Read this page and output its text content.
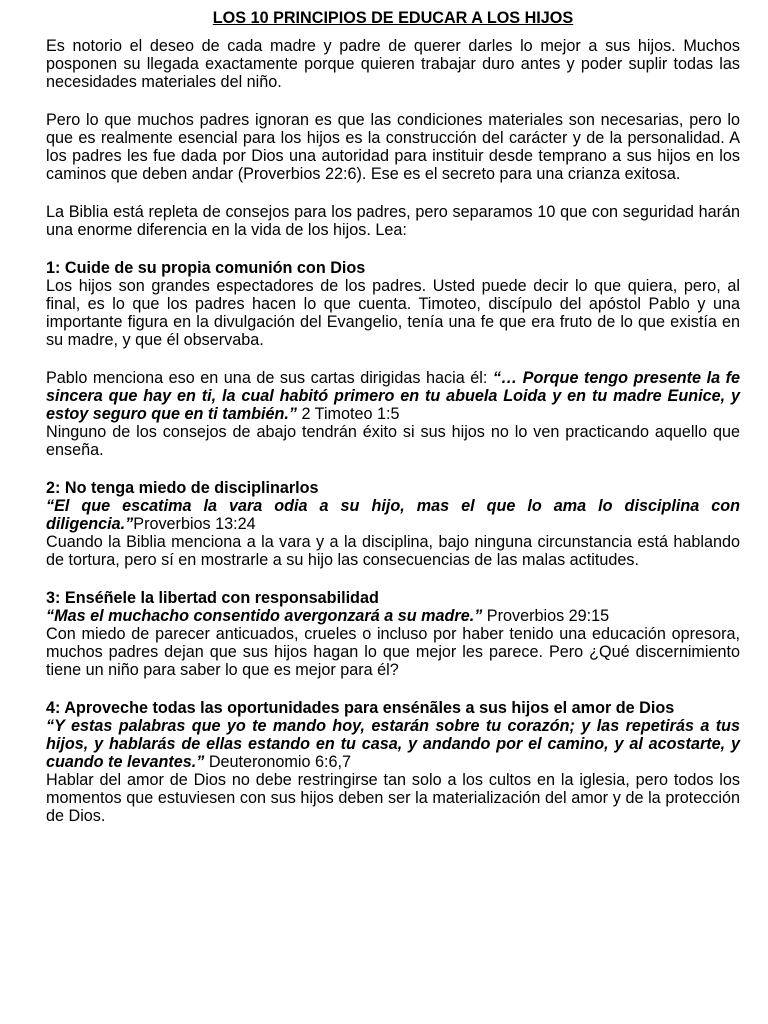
LOS 10 PRINCIPIOS DE EDUCAR A LOS HIJOS

Es notorio el deseo de cada madre y padre de querer darles lo mejor a sus hijos. Muchos posponen su llegada exactamente porque quieren trabajar duro antes y poder suplir todas las necesidades materiales del niño.

Pero lo que muchos padres ignoran es que las condiciones materiales son necesarias, pero lo que es realmente esencial para los hijos es la construcción del carácter y de la personalidad. A los padres les fue dada por Dios una autoridad para instituir desde temprano a sus hijos en los caminos que deben andar (Proverbios 22:6). Ese es el secreto para una crianza exitosa.

La Biblia está repleta de consejos para los padres, pero separamos 10 que con seguridad harán una enorme diferencia en la vida de los hijos. Lea:

1: Cuide de su propia comunión con Dios

Los hijos son grandes espectadores de los padres. Usted puede decir lo que quiera, pero, al final, es lo que los padres hacen lo que cuenta. Timoteo, discípulo del apóstol Pablo y una importante figura en la divulgación del Evangelio, tenía una fe que era fruto de lo que existía en su madre, y que él observaba.

Pablo menciona eso en una de sus cartas dirigidas hacia él: “… Porque tengo presente la fe sincera que hay en ti, la cual habitó primero en tu abuela Loida y en tu madre Eunice, y estoy seguro que en ti también.” 2 Timoteo 1:5

Ninguno de los consejos de abajo tendrán éxito si sus hijos no lo ven practicando aquello que enseña.

2: No tenga miedo de disciplinarlos

“El que escatima la vara odia a su hijo, mas el que lo ama lo disciplina con diligencia.”Proverbios 13:24

Cuando la Biblia menciona a la vara y a la disciplina, bajo ninguna circunstancia está hablando de tortura, pero sí en mostrarle a su hijo las consecuencias de las malas actitudes.

3: Enséñele la libertad con responsabilidad

“Mas el muchacho consentido avergonzará a su madre.” Proverbios 29:15

Con miedo de parecer anticuados, crueles o incluso por haber tenido una educación opresora, muchos padres dejan que sus hijos hagan lo que mejor les parece. Pero ¿Qué discernimiento tiene un niño para saber lo que es mejor para él?

4: Aproveche todas las oportunidades para ensénãles a sus hijos el amor de Dios

“Y estas palabras que yo te mando hoy, estarán sobre tu corazón; y las repetirás a tus hijos, y hablarás de ellas estando en tu casa, y andando por el camino, y al acostarte, y cuando te levantes.” Deuteronomio 6:6,7

Hablar del amor de Dios no debe restringirse tan solo a los cultos en la iglesia, pero todos los momentos que estuviesen con sus hijos deben ser la materialización del amor y de la protección de Dios.
